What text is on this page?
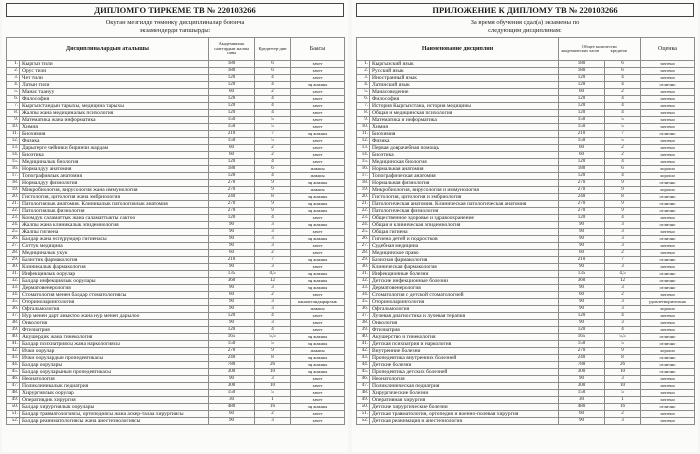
ДИПЛОМГО ТИРКЕМЕ ТВ № 220103266
Окуган мезгилде төмөнкү дисциплиналар боюнча
экзамендерди тапшырды:
Дисциплиналардын аталышы		Академиялык сааттардын жалпы саны	Кредиттер-дин	Баасы
1.	Кыргыз тили	180	6	зачет
2.	Орус тили	180	6	зачет
3.	Чет тили	120	4	зачет
4.	Латын тили	120	4	эң жакшы
5.	Манас таануу	60	2	зачет
6.	Философия	120	4	зачет
7.	Кыргызстандын тарыхы, медицина тарыхы	120	4	зачет
8.	Жалпы жана медициналык психология	120	4	зачет
9.	Математика жана информатика	150	5	зачет
10.	Химия	150	5	зачет
11.	Биохимия	210	7	эң жакшы
12.	Физика	150	5	зачет
13.	Дарыгерге чейинки биринчи жардам	60	2	зачет
14.	Биоэтика	60	2	зачет
15.	Медициналык биология	120	4	зачет
16.	Нормалдуу анатомия	180	6	жакшы
17.	Топографиялык анатомия	120	4	жакшы
18.	Нормалдуу физиология	270	9	эң жакшы
19.	Микробиология, вирусология жана иммунология	270	9	жакшы
20.	Гистология, цитология жана эмбриология	240	8	эң жакшы
21.	Патологиялык анатомия. Клиникалык патологиялык анатомия	270	9	эң жакшы
22.	Патологиялык физиология	270	9	эң жакшы
23.	Коомдук саламаттык жана саламаттыкты сактоо	120	4	зачет
24.	Жалпы жана клиникалык эпидемиология	90	3	эң жакшы
25.	Жалпы гигиена	90	3	зачет
26.	Балдар жана өспүрүмдөр гигиенасы	90	3	эң жакшы
27.	Соттук медицина	90	3	зачет
28.	Медициналык укук	60	2	зачет
29.	Базистик фармакология	210	7	эң жакшы
30.	Клиникалык фармакология	90	3	зачет
31.	Инфекциялык оорулар	135	4,5	эң жакшы
32.	Балдар инфекциялык оорулары	360	12	эң жакшы
33.	Дерматовенерология	90	3	эң жакшы
34.	Стоматология менен балдар стоматологиясы	60	2	зачет
35.	Оториноларингология	90	3	канааттандырарлык
36.	Офтальмология	90	3	жакшы
37.	Нур менен дарт аныктоо жана нур менен дарылоо	120	4	зачет
38.	Онкология	90	3	зачет
39.	Фтизиатрия	120	4	зачет
40.	Акушердик жана гинекология	165	5,5	эң жакшы
41.	Балдар психиатриясы жана наркологиясы	150	5	эң жакшы
42.	Ички оорулар	270	9	жакшы
43.	Ички оорулардын пропедевтикасы	240	8	эң жакшы
44.	Балдар оорулары	780	26	эң жакшы
45.	Балдар ооруларынын пропедевтикасы	300	10	эң жакшы
46.	Неонатология	90	3	зачет
47.	Поликлиникалык педиатрия	300	10	зачет
48.	Хирургиялык оорулар	150	5	зачет
49.	Оперативдик хирургия	30	1	зачет
50.	Балдар хирургиялык оорулары	480	16	эң жакшы
51.	Балдар травматологиясы, ортопедиясы жана аскер-талаа хирургиясы	60	2	зачет
52.	Балдар реаниматологиясы жана анестезиологиясы	90	3	зачет
ПРИЛОЖЕНИЕ К ДИПЛОМУ ТВ № 220103266
За время обучения сдал(а) экзамены по
следующим дисциплинам:
Наименование дисциплин		Общее количество
академических часов кредитов		Оценка
1.	Кыргызский язык	180	6	зачтено
2.	Русский язык	180	6	зачтено
3.	Иностранный язык	120	4	зачтено
4.	Латинский язык	120	4	отлично
5.	Манасоведение	60	2	зачтено
6.	Философия	120	4	зачтено
7.	История Кыргызстана, история медицины	120	4	зачтено
8.	Общая и медицинская психология	120	4	зачтено
9.	Математика и информатика	150	5	зачтено
10.	Химия	150	5	зачтено
11.	Биохимия	210	7	отлично
12.	Физика	150	5	зачтено
13.	Первая доврачебная помощь	60	2	зачтено
14.	Биоэтика	60	2	зачтено
15.	Медицинская биология	120	4	зачтено
16.	Нормальная анатомия	180	6	хорошо
17.	Топографическая анатомия	120	4	хорошо
18.	Нормальная физиология	270	9	отлично
19.	Микробиология, вирусология и иммунология	270	9	хорошо
20.	Гистология, цитология и эмбриология	240	8	отлично
21.	Патологическая анатомия. Клиническая патологическая анатомия	270	9	отлично
22.	Патологическая физиология	270	9	отлично
23.	Общественное здоровье и здравоохранение	120	4	зачтено
24.	Общая и клиническая эпидемиология	90	3	отлично
25.	Общая гигиена	90	3	зачтено
26.	Гигиена детей и подростков	90	3	отлично
27.	Судебная медицина	90	3	зачтено
28.	Медицинское право	60	2	зачтено
29.	Базисная фармакология	210	7	отлично
30.	Клиническая фармакология	90	3	зачтено
31.	Инфекционные болезни	135	4,5	отлично
32.	Детские инфекционные болезни	360	12	отлично
33.	Дерматовенерология	90	3	отлично
34.	Стоматология с детской стоматологией	60	2	зачтено
35.	Оториноларингология	90	3	удовлетворительно
36.	Офтальмология	90	3	хорошо
37.	Лучевая диагностика и лучевая терапия	120	4	зачтено
38.	Онкология	90	3	зачтено
39.	Фтизиатрия	120	4	зачтено
40.	Акушерство и гинекология	165	5,5	отлично
41.	Детская психиатрия и наркология	150	5	отлично
42.	Внутренние болезни	270	9	хорошо
43.	Пропедевтика внутренних болезней	240	8	отлично
44.	Детские болезни	780	26	отлично
45.	Пропедевтика детских болезней	300	10	отлично
46.	Неонатология	90	3	зачтено
47.	Поликлиническая педиатрия	300	10	зачтено
48.	Хирургические болезни	150	5	зачтено
49.	Оперативная хирургия	30	1	зачтено
50.	Детские хирургические болезни	480	16	отлично
51.	Детская травматология, ортопедия и военно-полевая хирургия	60	2	зачтено
52.	Детская реанимация и анестезиология	90	3	зачтено
